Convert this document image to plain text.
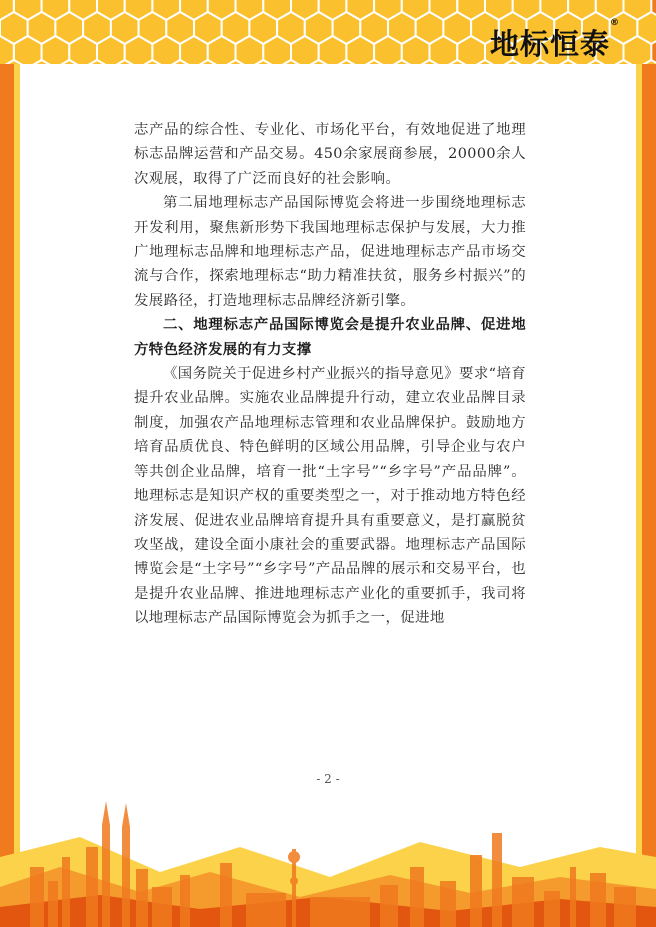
地标恒泰®

志产品的综合性、专业化、市场化平台，有效地促进了地理标志品牌运营和产品交易。450余家展商参展，20000余人次观展，取得了广泛而良好的社会影响。

第二届地理标志产品国际博览会将进一步围绕地理标志开发利用，聚焦新形势下我国地理标志保护与发展，大力推广地理标志品牌和地理标志产品，促进地理标志产品市场交流与合作，探索地理标志“助力精准扶贫，服务乡村振兴”的发展路径，打造地理标志品牌经济新引擎。

二、地理标志产品国际博览会是提升农业品牌、促进地方特色经济发展的有力支撑

《国务院关于促进乡村产业振兴的指导意见》要求“培育提升农业品牌。实施农业品牌提升行动，建立农业品牌目录制度，加强农产品地理标志管理和农业品牌保护。鼓励地方培育品质优良、特色鲜明的区域公用品牌，引导企业与农户等共创企业品牌，培育一批“土字号”“乡字号”产品品牌”。地理标志是知识产权的重要类型之一，对于推动地方特色经济发展、促进农业品牌培育提升具有重要意义，是打赢脱贫攻坚战，建设全面小康社会的重要武器。地理标志产品国际博览会是“土字号”“乡字号”产品品牌的展示和交易平台，也是提升农业品牌、推进地理标志产业化的重要抓手，我司将以地理标志产品国际博览会为抓手之一，促进地

- 2 -
